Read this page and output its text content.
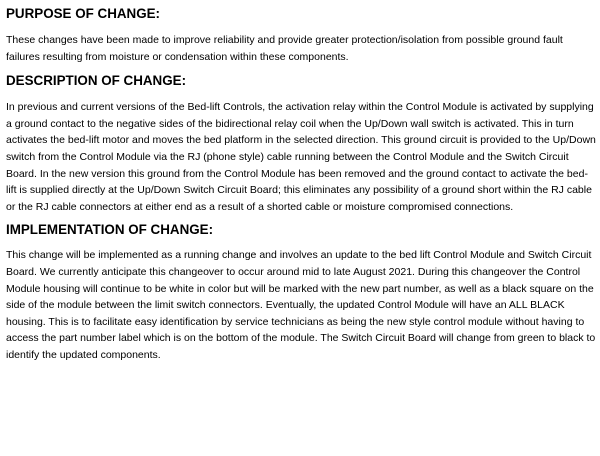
PURPOSE OF CHANGE:

These changes have been made to improve reliability and provide greater protection/isolation from possible ground fault failures resulting from moisture or condensation within these components.

DESCRIPTION OF CHANGE:

In previous and current versions of the Bed-lift Controls, the activation relay within the Control Module is activated by supplying a ground contact to the negative sides of the bidirectional relay coil when the Up/Down wall switch is activated. This in turn activates the bed-lift motor and moves the bed platform in the selected direction. This ground circuit is provided to the Up/Down switch from the Control Module via the RJ (phone style) cable running between the Control Module and the Switch Circuit Board. In the new version this ground from the Control Module has been removed and the ground contact to activate the bed-lift is supplied directly at the Up/Down Switch Circuit Board; this eliminates any possibility of a ground short within the RJ cable or the RJ cable connectors at either end as a result of a shorted cable or moisture compromised connections.

IMPLEMENTATION OF CHANGE:

This change will be implemented as a running change and involves an update to the bed lift Control Module and Switch Circuit Board. We currently anticipate this changeover to occur around mid to late August 2021. During this changeover the Control Module housing will continue to be white in color but will be marked with the new part number, as well as a black square on the side of the module between the limit switch connectors. Eventually, the updated Control Module will have an ALL BLACK housing. This is to facilitate easy identification by service technicians as being the new style control module without having to access the part number label which is on the bottom of the module. The Switch Circuit Board will change from green to black to identify the updated components.
